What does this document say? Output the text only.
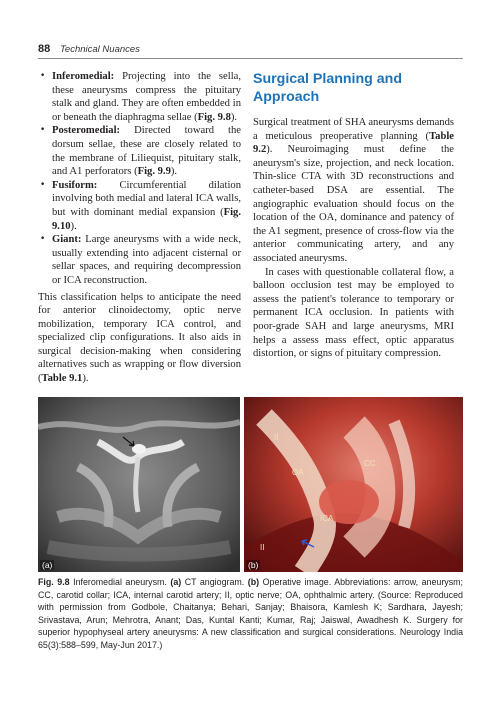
88 Technical Nuances
• Inferomedial: Projecting into the sella, these aneurysms compress the pituitary stalk and gland. They are often embedded in or beneath the diaphragma sellae (Fig. 9.8).
• Posteromedial: Directed toward the dorsum sellae, these are closely related to the membrane of Liliequist, pituitary stalk, and A1 perforators (Fig. 9.9).
• Fusiform: Circumferential dilation involving both medial and lateral ICA walls, but with dominant medial expansion (Fig. 9.10).
• Giant: Large aneurysms with a wide neck, usually extending into adjacent cisternal or sellar spaces, and requiring decompression or ICA reconstruction.

This classification helps to anticipate the need for anterior clinoidectomy, optic nerve mobilization, temporary ICA control, and specialized clip configurations. It also aids in surgical decision-making when considering alternatives such as wrapping or flow diversion (Table 9.1).

Surgical Planning and Approach

Surgical treatment of SHA aneurysms demands a meticulous preoperative planning (Table 9.2). Neuroimaging must define the aneurysm's size, projection, and neck location. Thin-slice CTA with 3D reconstructions and catheter-based DSA are essential. The angiographic evaluation should focus on the location of the OA, dominance and patency of the A1 segment, presence of cross-flow via the anterior communicating artery, and any associated aneurysms.

In cases with questionable collateral flow, a balloon occlusion test may be employed to assess the patient's tolerance to temporary or permanent ICA occlusion. In patients with poor-grade SAH and large aneurysms, MRI helps a assess mass effect, optic apparatus distortion, or signs of pituitary compression.

(a)
II
CC
OA
ICA
II
(b)
Fig. 9.8 Inferomedial aneurysm. (a) CT angiogram. (b) Operative image. Abbreviations: arrow, aneurysm; CC, carotid collar; ICA, internal carotid artery; II, optic nerve; OA, ophthalmic artery. (Source: Reproduced with permission from Godbole, Chaitanya; Behari, Sanjay; Bhaisora, Kamlesh K; Sardhara, Jayesh; Srivastava, Arun; Mehrotra, Anant; Das, Kuntal Kanti; Kumar, Raj; Jaiswal, Awadhesh K. Surgery for superior hypophyseal artery aneurysms: A new classification and surgical considerations. Neurology India 65(3):588–599, May-Jun 2017.)
